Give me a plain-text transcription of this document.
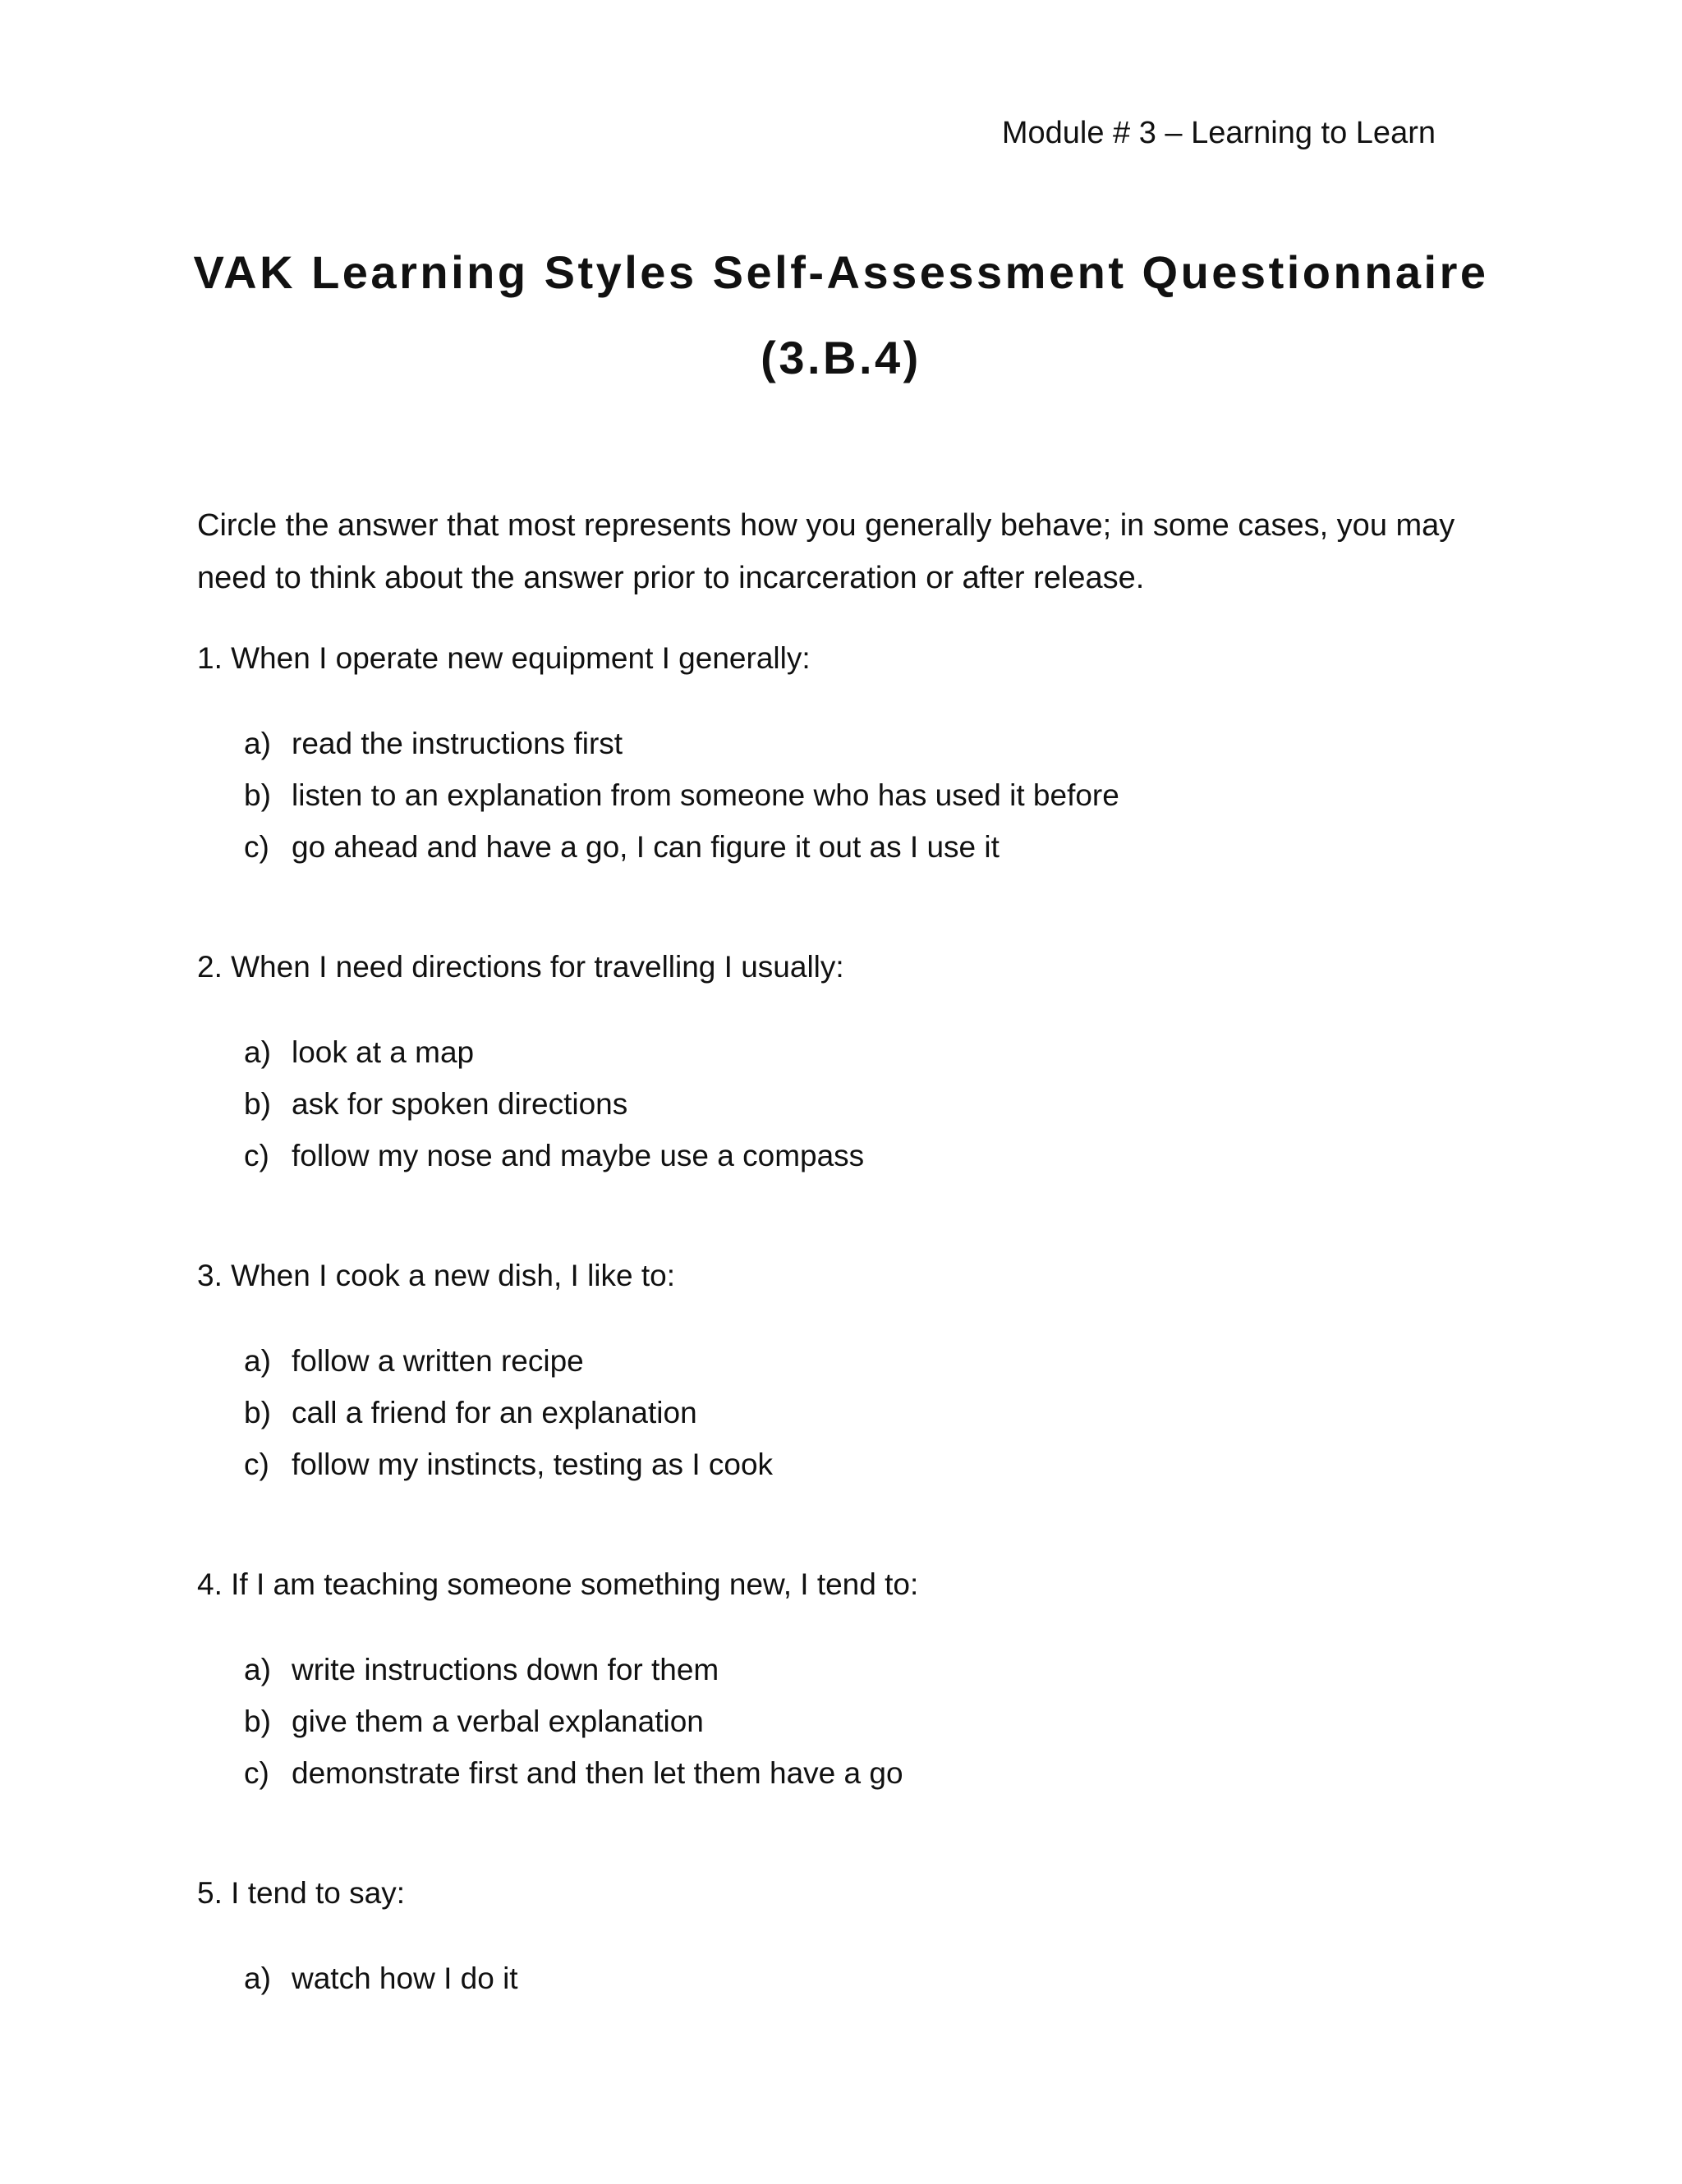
Module # 3 – Learning to Learn
VAK Learning Styles Self-Assessment Questionnaire
(3.B.4)

Circle the answer that most represents how you generally behave; in some cases, you may need to think about the answer prior to incarceration or after release.

1. When I operate new equipment I generally:
a) read the instructions first
b) listen to an explanation from someone who has used it before
c) go ahead and have a go, I can figure it out as I use it
2. When I need directions for travelling I usually:
a) look at a map
b) ask for spoken directions
c) follow my nose and maybe use a compass
3. When I cook a new dish, I like to:
a) follow a written recipe
b) call a friend for an explanation
c) follow my instincts, testing as I cook
4. If I am teaching someone something new, I tend to:
a) write instructions down for them
b) give them a verbal explanation
c) demonstrate first and then let them have a go
5. I tend to say:
a) watch how I do it
